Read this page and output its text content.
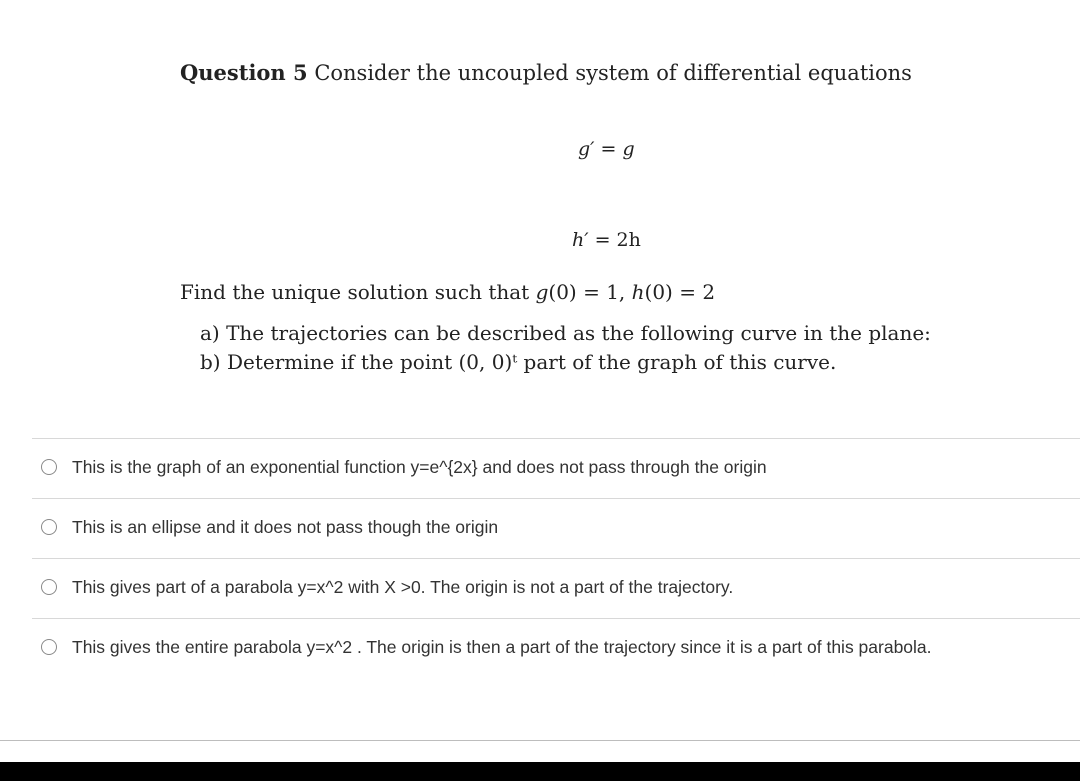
Question 5 Consider the uncoupled system of differential equations
g′ = g
h′ = 2h
Find the unique solution such that g(0) = 1, h(0) = 2
a) The trajectories can be described as the following curve in the plane:
b) Determine if the point (0, 0)ᵗ part of the graph of this curve.
This is the graph of an exponential function y=e^{2x} and does not pass through the origin
This is an ellipse and it does not pass though the origin
This gives part of a parabola y=x^2 with X >0. The origin is not a part of the trajectory.
This gives the entire parabola y=x^2 . The origin is then a part of the trajectory since it is a part of this parabola.
